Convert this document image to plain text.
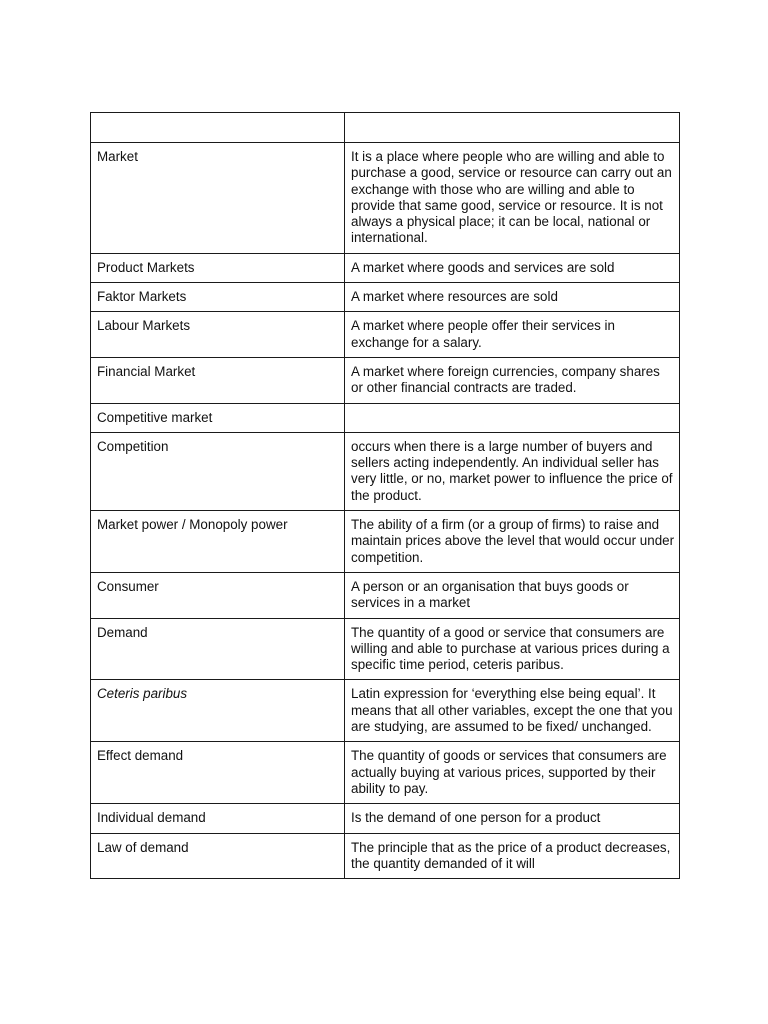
Market	It is a place where people who are willing and able to purchase a good, service or resource can carry out an exchange with those who are willing and able to provide that same good, service or resource. It is not always a physical place; it can be local, national or international.
Product Markets	A market where goods and services are sold
Faktor Markets	A market where resources are sold
Labour Markets	A market where people offer their services in exchange for a salary.
Financial Market	A market where foreign currencies, company shares or other financial contracts are traded.
Competitive market	
Competition	occurs when there is a large number of buyers and sellers acting independently. An individual seller has very little, or no, market power to influence the price of the product.
Market power / Monopoly power	The ability of a firm (or a group of firms) to raise and maintain prices above the level that would occur under competition.
Consumer	A person or an organisation that buys goods or services in a market
Demand	The quantity of a good or service that consumers are willing and able to purchase at various prices during a specific time period, ceteris paribus.
Ceteris paribus	Latin expression for ‘everything else being equal’. It means that all other variables, except the one that you are studying, are assumed to be fixed/ unchanged.
Effect demand	The quantity of goods or services that consumers are actually buying at various prices, supported by their ability to pay.
Individual demand	Is the demand of one person for a product
Law of demand	The principle that as the price of a product decreases, the quantity demanded of it will
